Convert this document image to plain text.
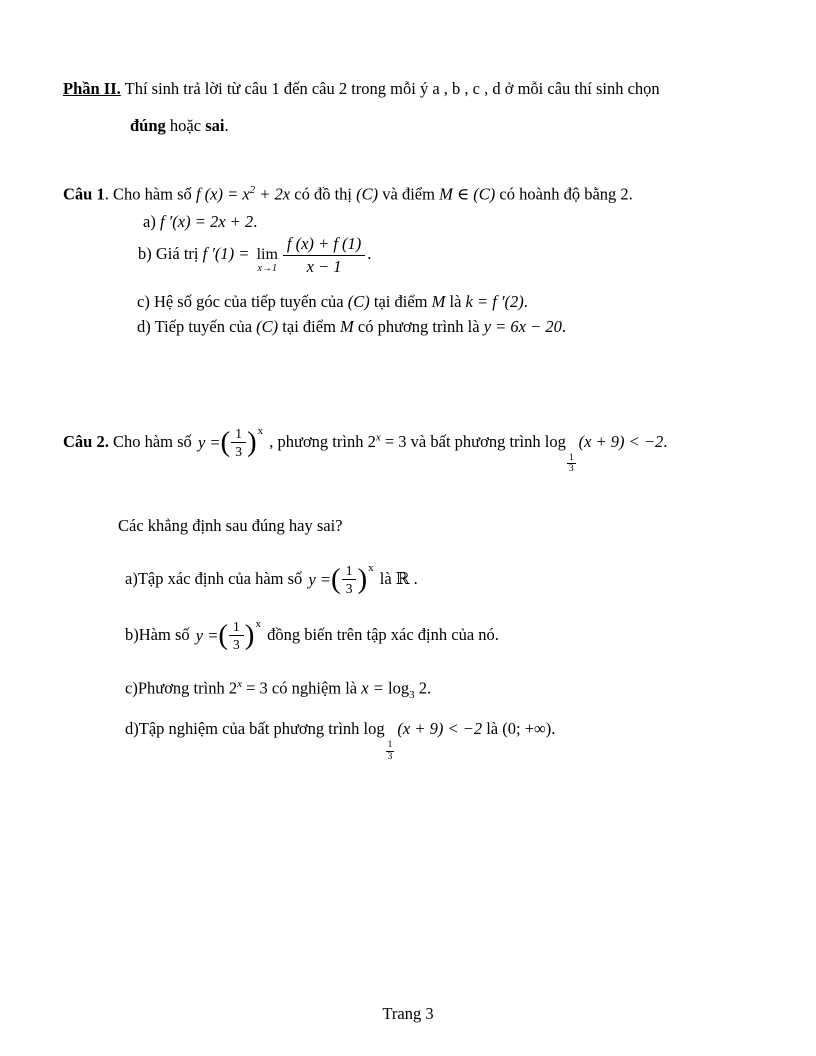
Phần II. Thí sinh trả lời từ câu 1 đến câu 2 trong mỗi ý a , b , c , d ở mỗi câu thí sinh chọn

đúng hoặc sai.

Câu 1. Cho hàm số f $(x) = x^2 + 2x$ có đồ thị (C) và điểm M ∈ (C) có hoành độ bằng 2.

a) f ′(x) = 2x + 2.

b) Giá trị f ′(1) = lim
$x\to 1 \frac{f (x) + f (1)}{x - 1}$ .

c) Hệ số góc của tiếp tuyến của (C) tại điểm M là k = f ′(2).

d) Tiếp tuyến của (C) tại điểm M có phương trình là y = 6x − 20.

Câu 2. Cho hàm số y = ( $\frac{1}{3}$ ) x
, phương trình $2^x = 3$ và bất phương trình log
$\frac{1}{3}$
(x + 9) < −2.

Các khẳng định sau đúng hay sai?

a)Tập xác định của hàm số y = ( $\frac{1}{3}$ ) x
là ℝ .

b)Hàm số y = ( $\frac{1}{3}$ ) x
đồng biến trên tập xác định của nó.

c)Phương trình $2^x = 3$ có nghiệm là $x = \log_3 2$.

d)Tập nghiệm của bất phương trình log
$\frac{1}{3}$
(x + 9) < −2 là (0; +∞).

Trang 3
